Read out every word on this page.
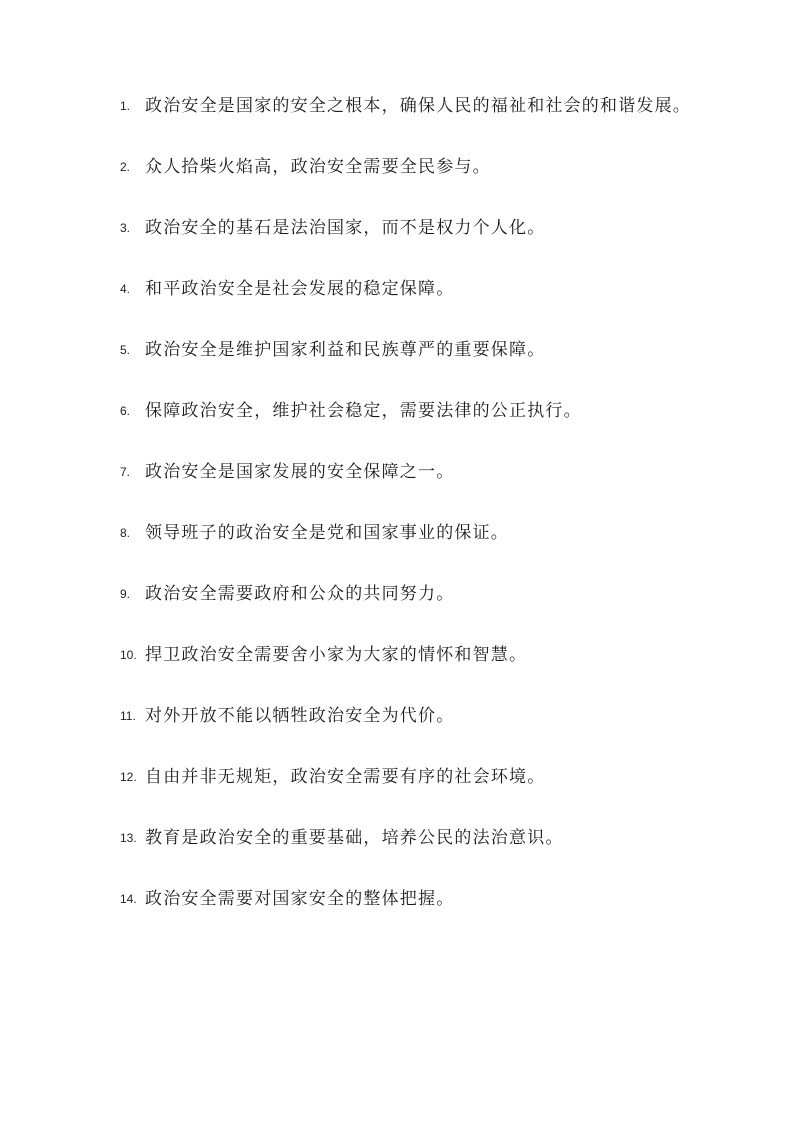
1. 政治安全是国家的安全之根本，确保人民的福祉和社会的和谐发展。
2. 众人拾柴火焰高，政治安全需要全民参与。
3. 政治安全的基石是法治国家，而不是权力个人化。
4. 和平政治安全是社会发展的稳定保障。
5. 政治安全是维护国家利益和民族尊严的重要保障。
6. 保障政治安全，维护社会稳定，需要法律的公正执行。
7. 政治安全是国家发展的安全保障之一。
8. 领导班子的政治安全是党和国家事业的保证。
9. 政治安全需要政府和公众的共同努力。
10. 捍卫政治安全需要舍小家为大家的情怀和智慧。
11. 对外开放不能以牺牲政治安全为代价。
12. 自由并非无规矩，政治安全需要有序的社会环境。
13. 教育是政治安全的重要基础，培养公民的法治意识。
14. 政治安全需要对国家安全的整体把握。
